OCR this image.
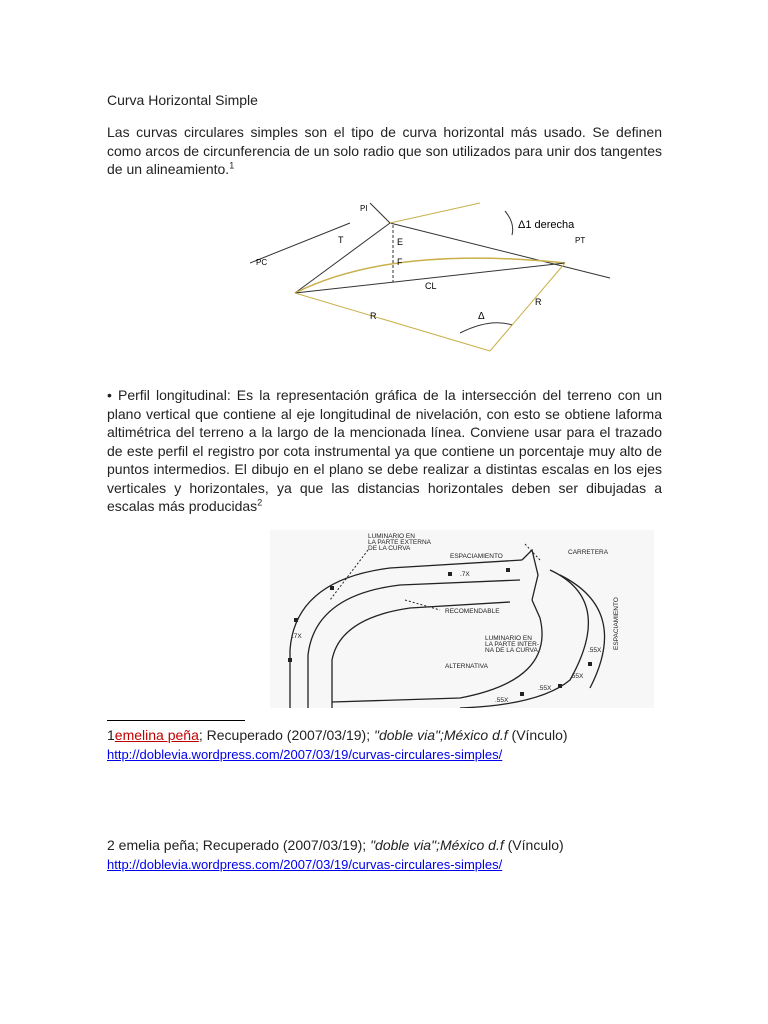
Curva Horizontal Simple
Las curvas circulares simples son el tipo de curva horizontal más usado. Se definen como arcos de circunferencia de un solo radio que son utilizados para unir dos tangentes de un alineamiento.$^1$
PI
PC
PT
T	E
F
CL
R
R
Δ
Δ1 derecha
• Perfil longitudinal: Es la representación gráfica de la intersección del terreno con un plano vertical que contiene al eje longitudinal de nivelación, con esto se obtiene laforma altimétrica del terreno a la largo de la mencionada línea. Conviene usar para el trazado de este perfil el registro por cota instrumental ya que contiene un porcentaje muy alto de puntos intermedios. El dibujo en el plano se debe realizar a distintas escalas en los ejes verticales y horizontales, ya que las distancias horizontales deben ser dibujadas a escalas más producidas$^2$
LUMINARIO EN
LA PARTE EXTERNA
DE LA CURVA
ESPACIAMIENTO
CARRETERA
RECOMENDABLE
LUMINARIO EN
LA PARTE INTER-
NA DE LA CURVA
ALTERNATIVA
.7X
.7X
.55X
.55X
.55X
.55X
ESPACIAMIENTO
1emelina peña; Recuperado (2007/03/19); "doble via";México d.f (Vínculo)
http://doblevia.wordpress.com/2007/03/19/curvas-circulares-simples/
2 emelia peña; Recuperado (2007/03/19); "doble via";México d.f (Vínculo)
http://doblevia.wordpress.com/2007/03/19/curvas-circulares-simples/
